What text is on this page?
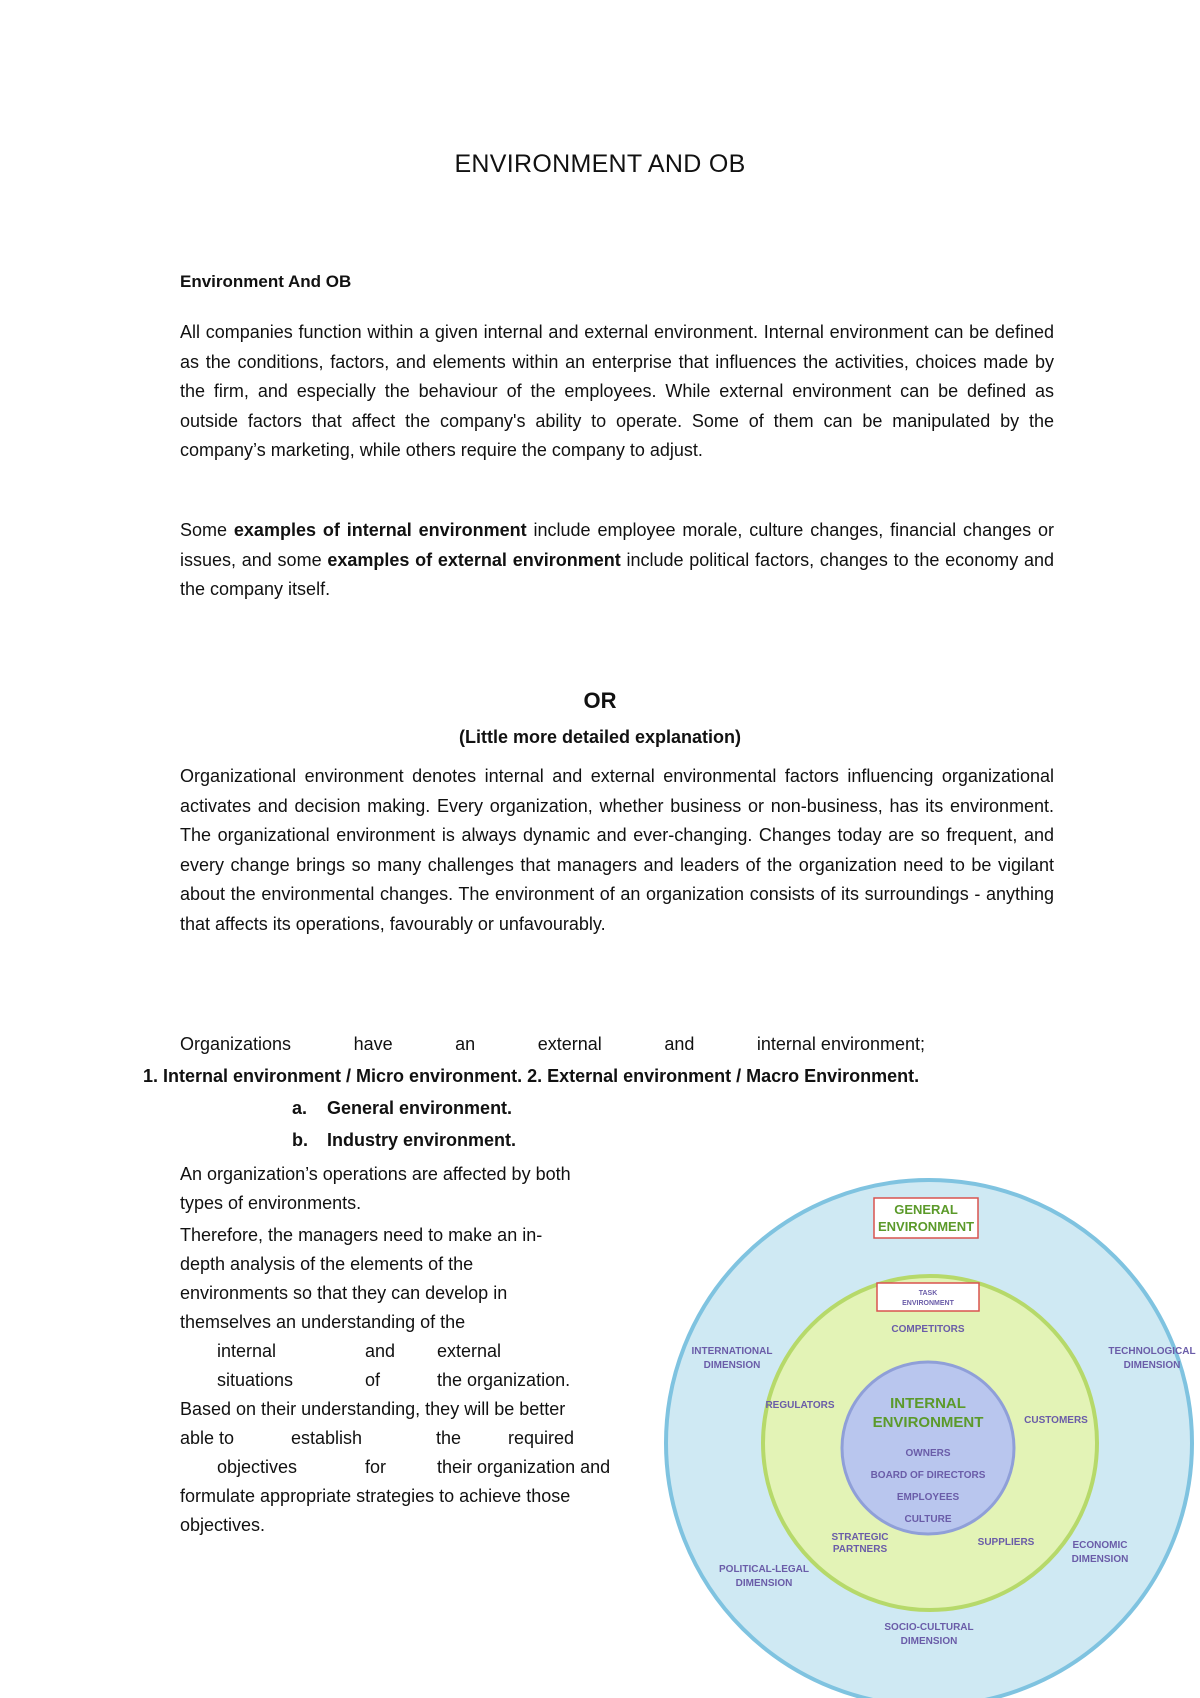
ENVIRONMENT AND OB
Environment And OB

All companies function within a given internal and external environment. Internal environment can be defined as the conditions, factors, and elements within an enterprise that influences the activities, choices made by the firm, and especially the behaviour of the employees. While external environment can be defined as outside factors that affect the company's ability to operate. Some of them can be manipulated by the company’s marketing, while others require the company to adjust.

Some examples of internal environment include employee morale, culture changes, financial changes or issues, and some examples of external environment include political factors, changes to the economy and the company itself.

OR
(Little more detailed explanation)

Organizational environment denotes internal and external environmental factors influencing organizational activates and decision making. Every organization, whether business or non-business, has its environment. The organizational environment is always dynamic and ever-changing. Changes today are so frequent, and every change brings so many challenges that managers and leaders of the organization need to be vigilant about the environmental changes. The environment of an organization consists of its surroundings - anything that affects its operations, favourably or unfavourably.

Organizations	have	an	external	and	internal environment;
1. Internal environment / Micro environment. 2. External environment / Macro Environment.
a. General environment.
b. Industry environment.
An organization’s operations are affected by both
types of environments.
Therefore, the managers need to make an in-
depth analysis of the elements of the
environments so that they can develop in
themselves an understanding of the
internal	and	external
situations	of	the organization.
Based on their understanding, they will be better
able to	establish	the	required
objectives	for	their organization and
formulate appropriate strategies to achieve those
objectives.
GENERAL
ENVIRONMENT
TASK
ENVIRONMENT
COMPETITORS
INTERNAL
ENVIRONMENT
OWNERS
BOARD OF DIRECTORS
EMPLOYEES
CULTURE
REGULATORS
CUSTOMERS
STRATEGIC
PARTNERS
SUPPLIERS
INTERNATIONAL
DIMENSION
TECHNOLOGICAL
DIMENSION
ECONOMIC
DIMENSION
POLITICAL-LEGAL
DIMENSION
SOCIO-CULTURAL
DIMENSION
